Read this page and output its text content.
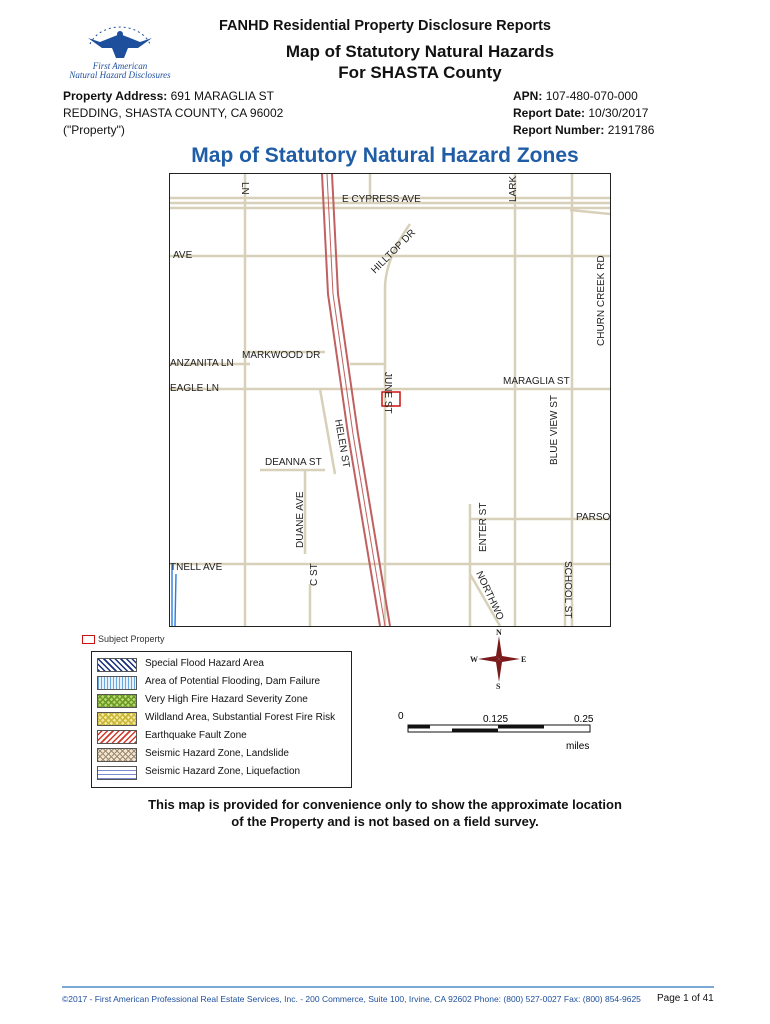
First American
Natural Hazard Disclosures
FANHD Residential Property Disclosure Reports
Map of Statutory Natural Hazards
For SHASTA County
Property Address: 691 MARAGLIA ST
REDDING, SHASTA COUNTY, CA 96002
("Property")
APN: 107-480-070-000
Report Date: 10/30/2017
Report Number: 2191786
Map of Statutory Natural Hazard Zones
LN
E CYPRESS AVE	LARK
AVE	HILLTOP DR
CHURN CREEK RD
MARKWOOD DR
ANZANITA LN
EAGLE LN	JUNE ST	MARAGLIA ST
HELEN ST	BLUE VIEW ST
DEANNA ST
DUANE AVE	ENTER ST	PARSO
TNELL AVE	C ST	NORTHWO	SCHOOL ST
Subject Property
Special Flood Hazard Area
Area of Potential Flooding, Dam Failure
Very High Fire Hazard Severity Zone
Wildland Area, Substantial Forest Fire Risk
Earthquake Fault Zone
Seismic Hazard Zone, Landslide
Seismic Hazard Zone, Liquefaction
N
S
W	E
0	0.125	0.25
miles
This map is provided for convenience only to show the approximate location
of the Property and is not based on a field survey.
©2017 - First American Professional Real Estate Services, Inc. - 200 Commerce, Suite 100, Irvine, CA 92602 Phone: (800) 527-0027 Fax: (800) 854-9625 Page 1 of 41
